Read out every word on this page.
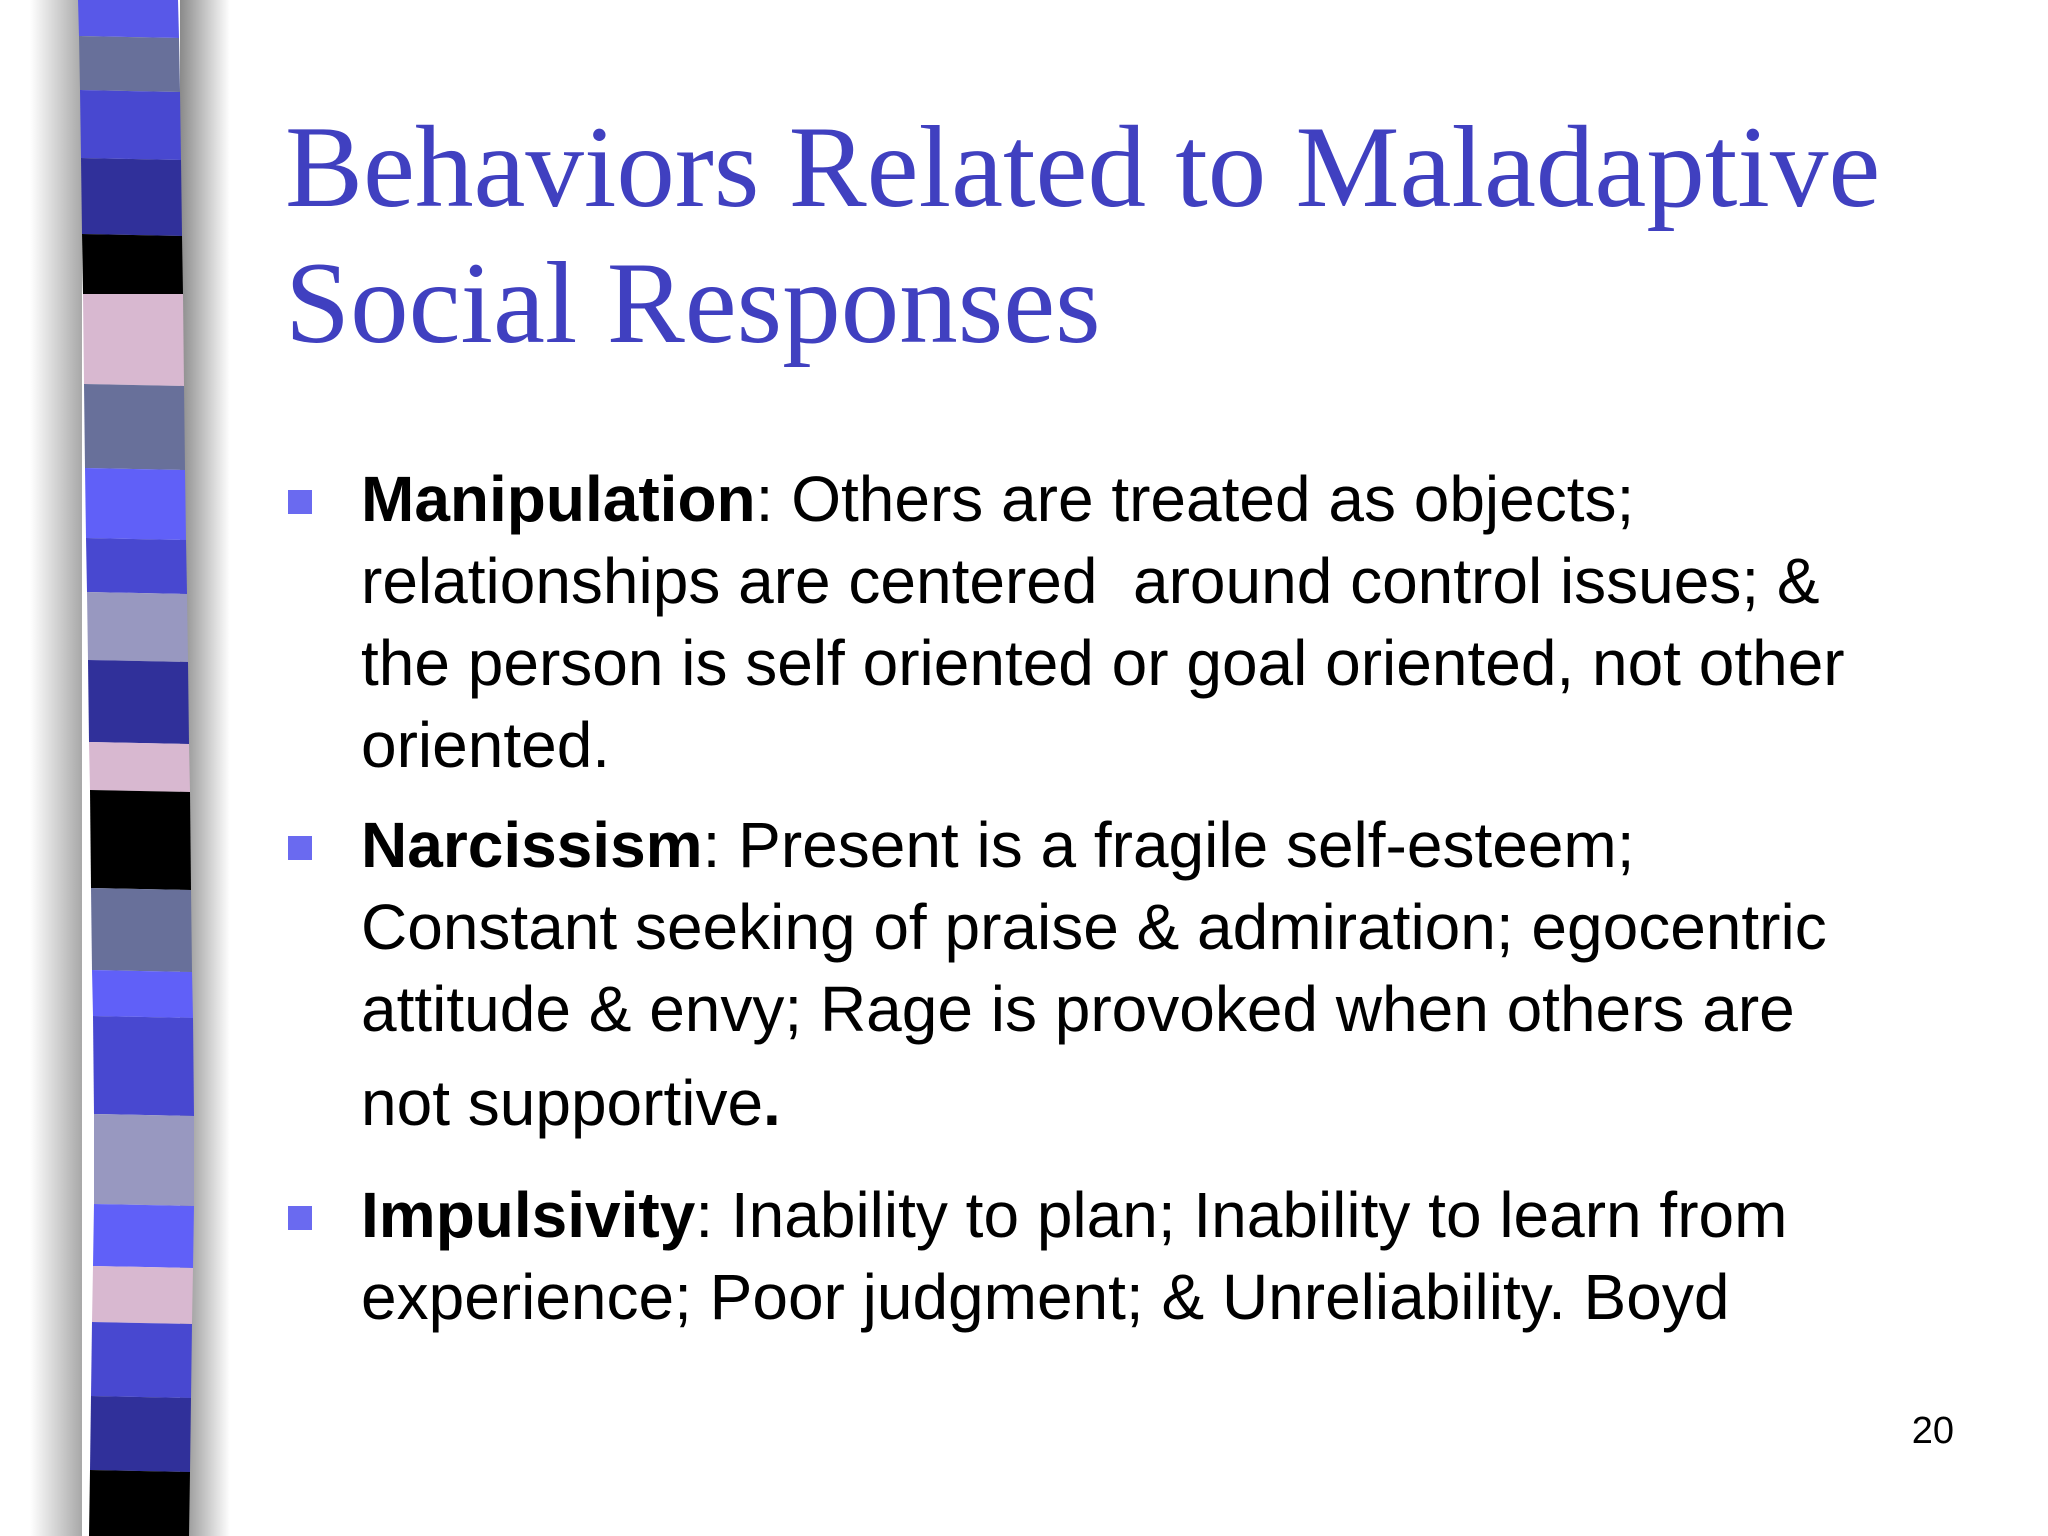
Behaviors Related to Maladaptive
Social Responses
Manipulation: Others are treated as objects;
relationships are centered  around control issues; &
the person is self oriented or goal oriented, not other
oriented.
Narcissism: Present is a fragile self-esteem;
Constant seeking of praise & admiration; egocentric
attitude & envy; Rage is provoked when others are
not supportive.
Impulsivity: Inability to plan; Inability to learn from
experience; Poor judgment; & Unreliability. Boyd
20
